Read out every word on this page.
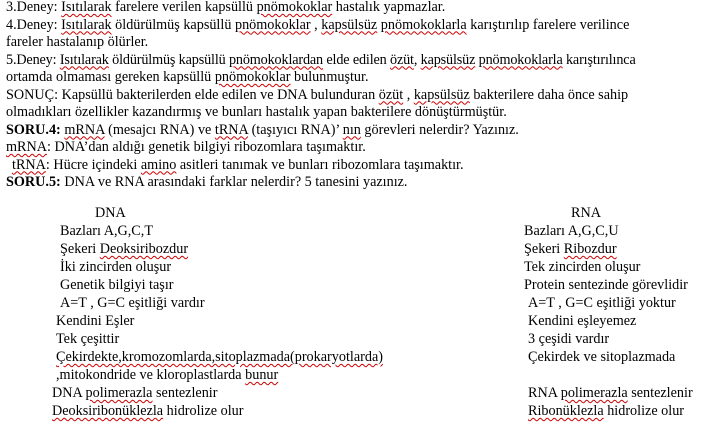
3.Deney: Isıtılarak farelere verilen kapsüllü pnömokoklar hastalık yapmazlar.
4.Deney: Isıtılarak öldürülmüş kapsüllü pnömokoklar , kapsülsüz pnömokoklarla karıştırılıp farelere verilince
fareler hastalanıp ölürler.
5.Deney: Isıtılarak öldürülmüş kapsüllü pnömokoklardan elde edilen özüt, kapsülsüz pnömokoklarla karıştırılınca
ortamda olmaması gereken kapsüllü pnömokoklar bulunmuştur.
SONUÇ: Kapsüllü bakterilerden elde edilen ve DNA bulunduran özüt , kapsülsüz bakterilere daha önce sahip
olmadıkları özellikler kazandırmış ve bunları hastalık yapan bakterilere dönüştürmüştür.
SORU.4: mRNA (mesajcı RNA) ve tRNA (taşıyıcı RNA)’ nın görevleri nelerdir? Yazınız.
mRNA: DNA’dan aldığı genetik bilgiyi ribozomlara taşımaktır.
tRNA: Hücre içindeki amino asitleri tanımak ve bunları ribozomlara taşımaktır.
SORU.5: DNA ve RNA arasındaki farklar nelerdir? 5 tanesini yazınız.
DNA	RNA
Bazları A,G,C,T
Şekeri Deoksiribozdur
İki zincirden oluşur
Genetik bilgiyi taşır
A=T , G=C eşitliği vardır
Kendini Eşler
Tek çeşittir
Çekirdekte,kromozomlarda,sitoplazmada(prokaryotlarda)
,mitokondride ve kloroplastlarda bunur
DNA polimerazla sentezlenir
Deoksiribonüklezla hidrolize olur
Bazları A,G,C,U
Şekeri Ribozdur
Tek zincirden oluşur
Protein sentezinde görevlidir
A=T , G=C eşitliği yoktur
Kendini eşleyemez
3 çeşidi vardır
Çekirdek ve sitoplazmada
RNA polimerazla sentezlenir
Ribonüklezla hidrolize olur
